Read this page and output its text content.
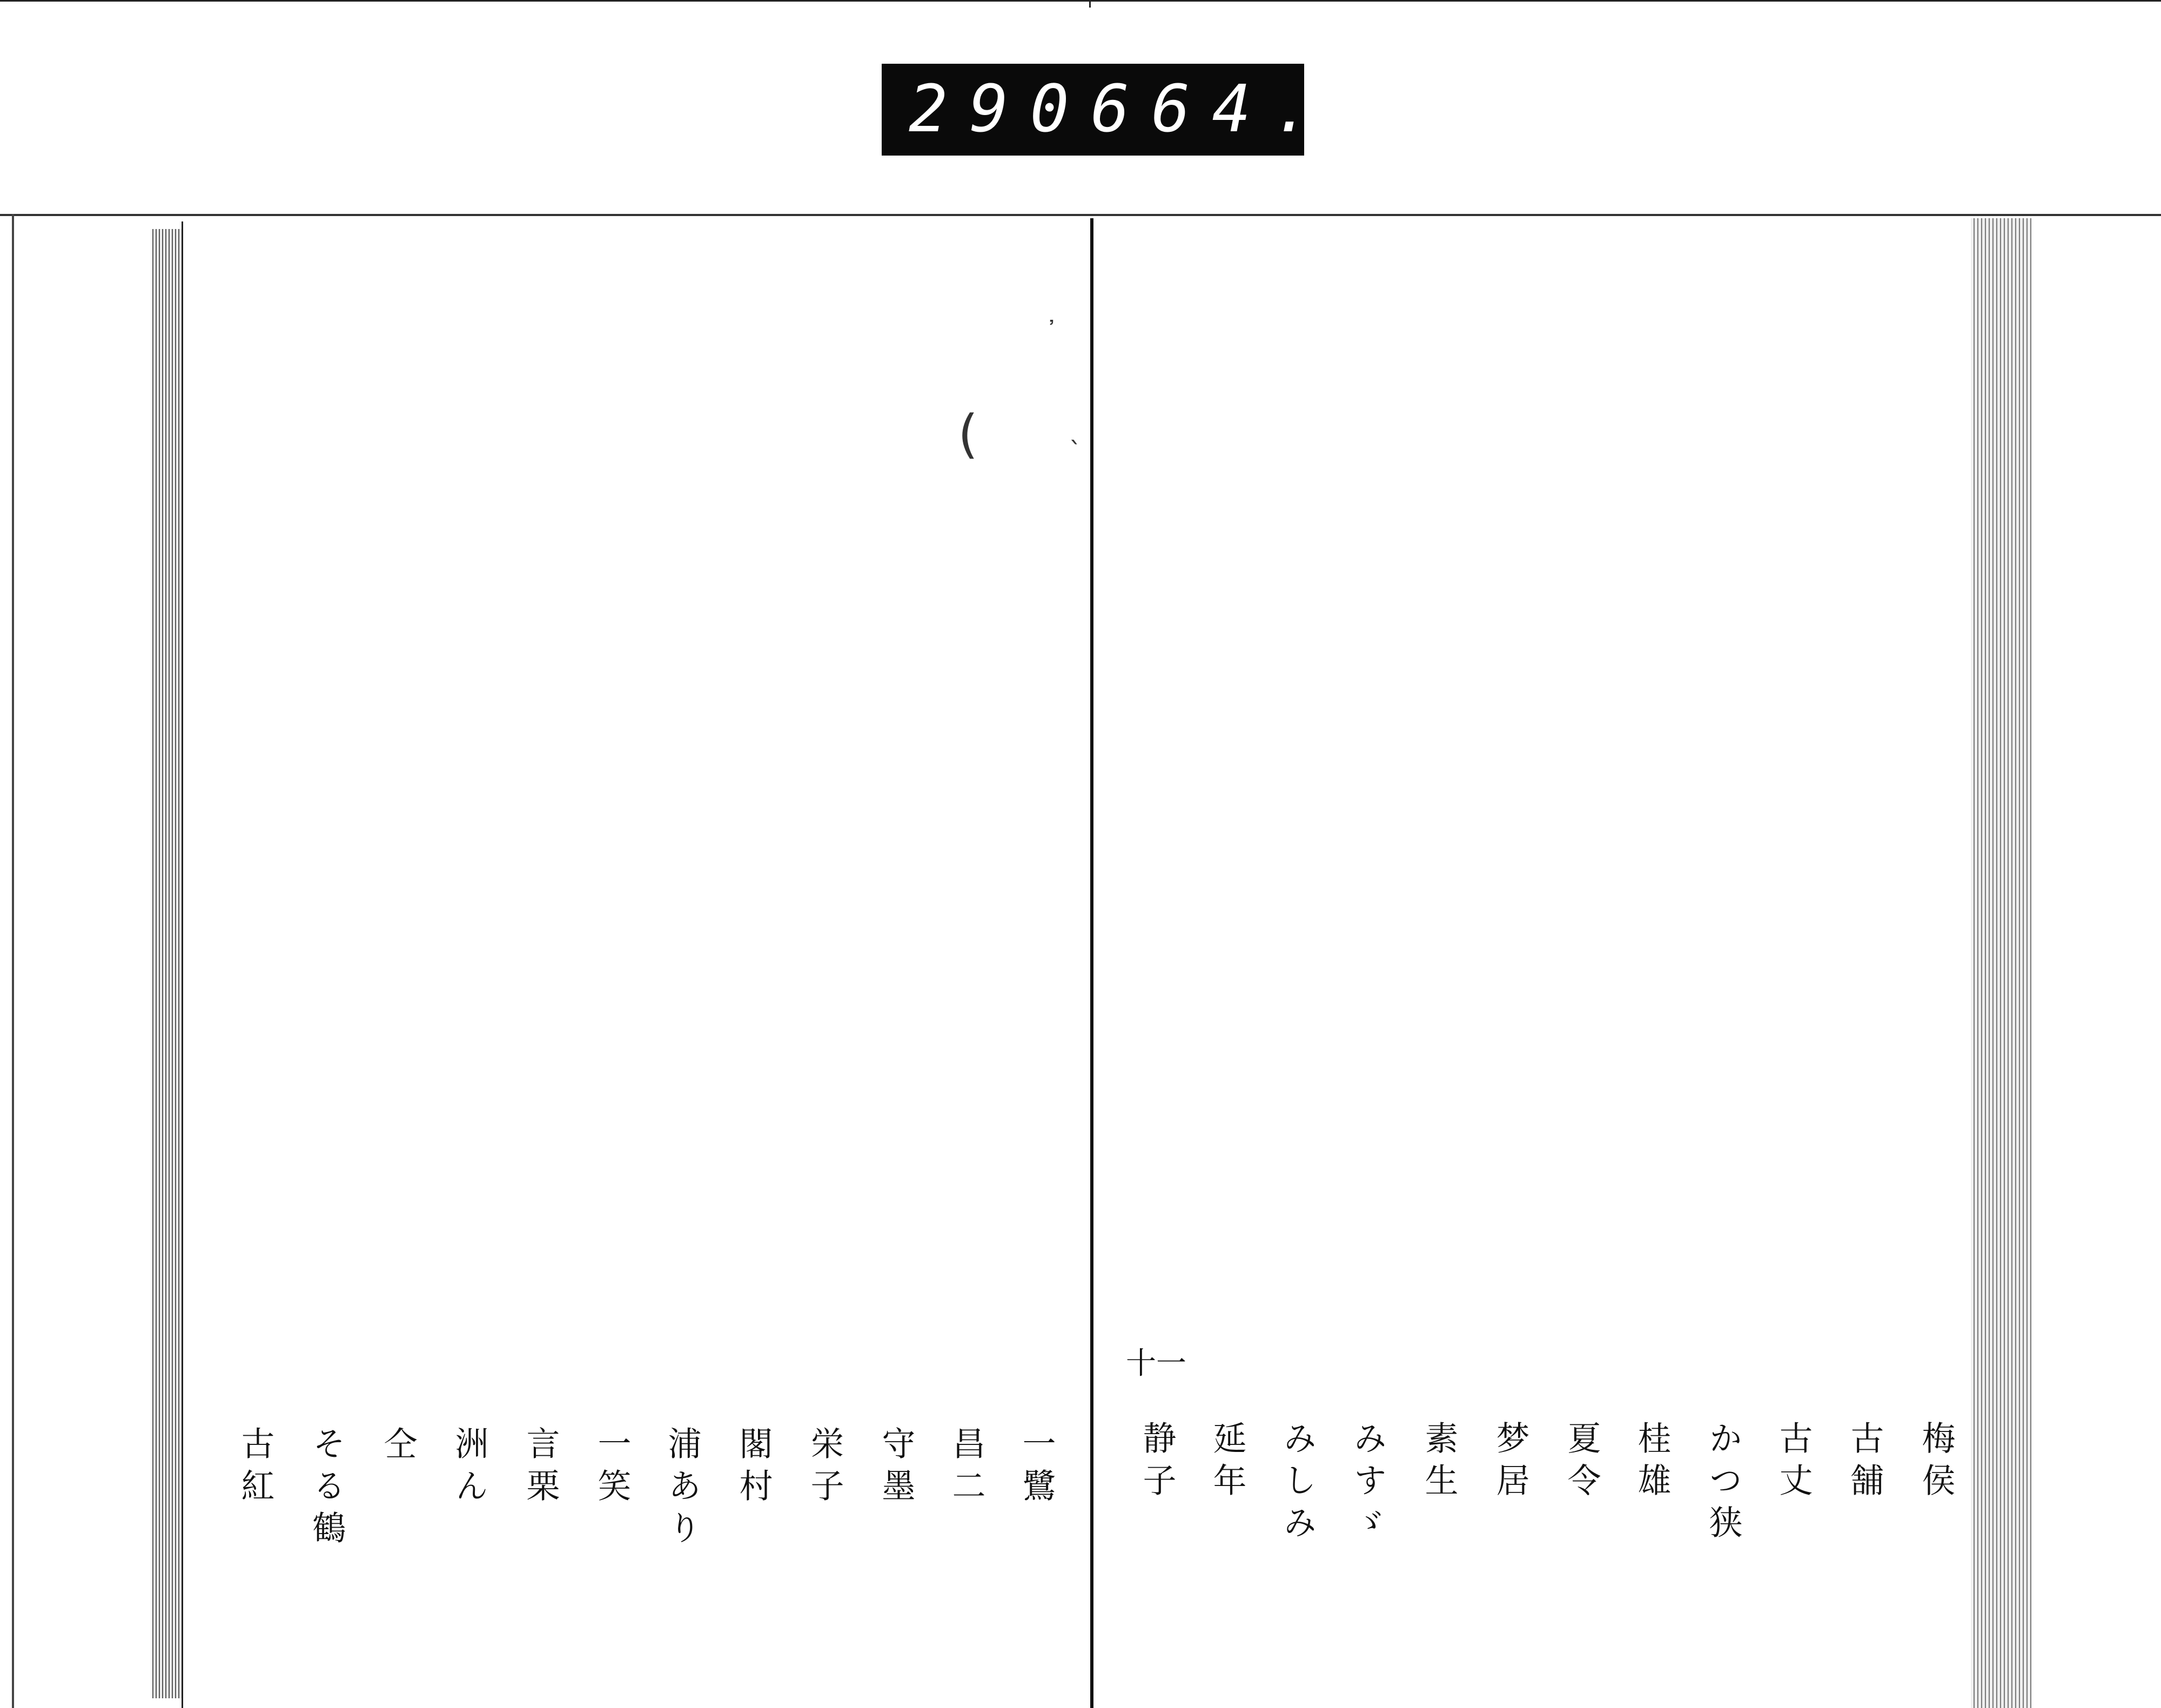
290 664.
᾽
(	ˋ
一鷺
昌二
守墨
栄子
閣村
浦あり
一笑
言栗
洲ん
仝
そる鶴
古紅
十一
梅侯
古舗
古丈
かつ狭
桂雄
夏令
梦居
素生
みすゞ
みしみ
延年
静子
